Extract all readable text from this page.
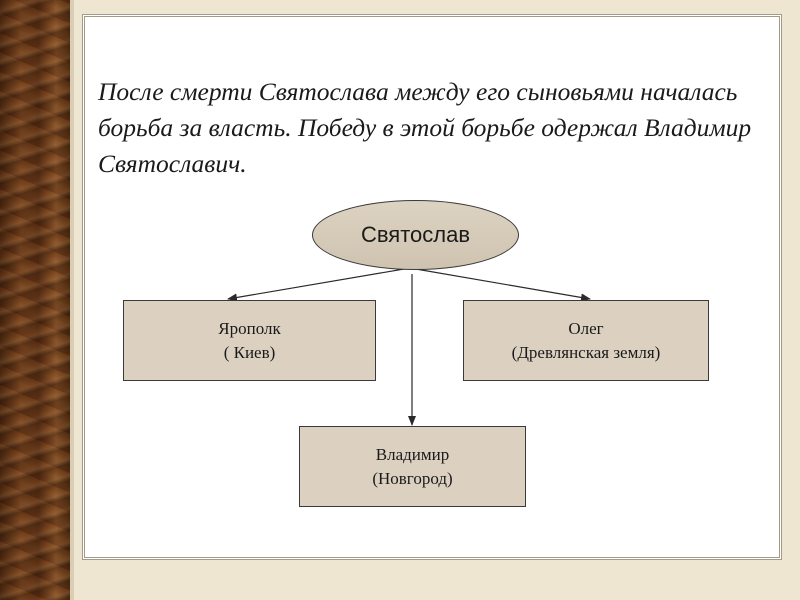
После смерти Святослава между его сыновьями началась борьба за власть. Победу в этой борьбе одержал Владимир Святославич.

Святослав
Ярополк
( Киев)
Олег
(Древлянская земля)
Владимир
(Новгород)
